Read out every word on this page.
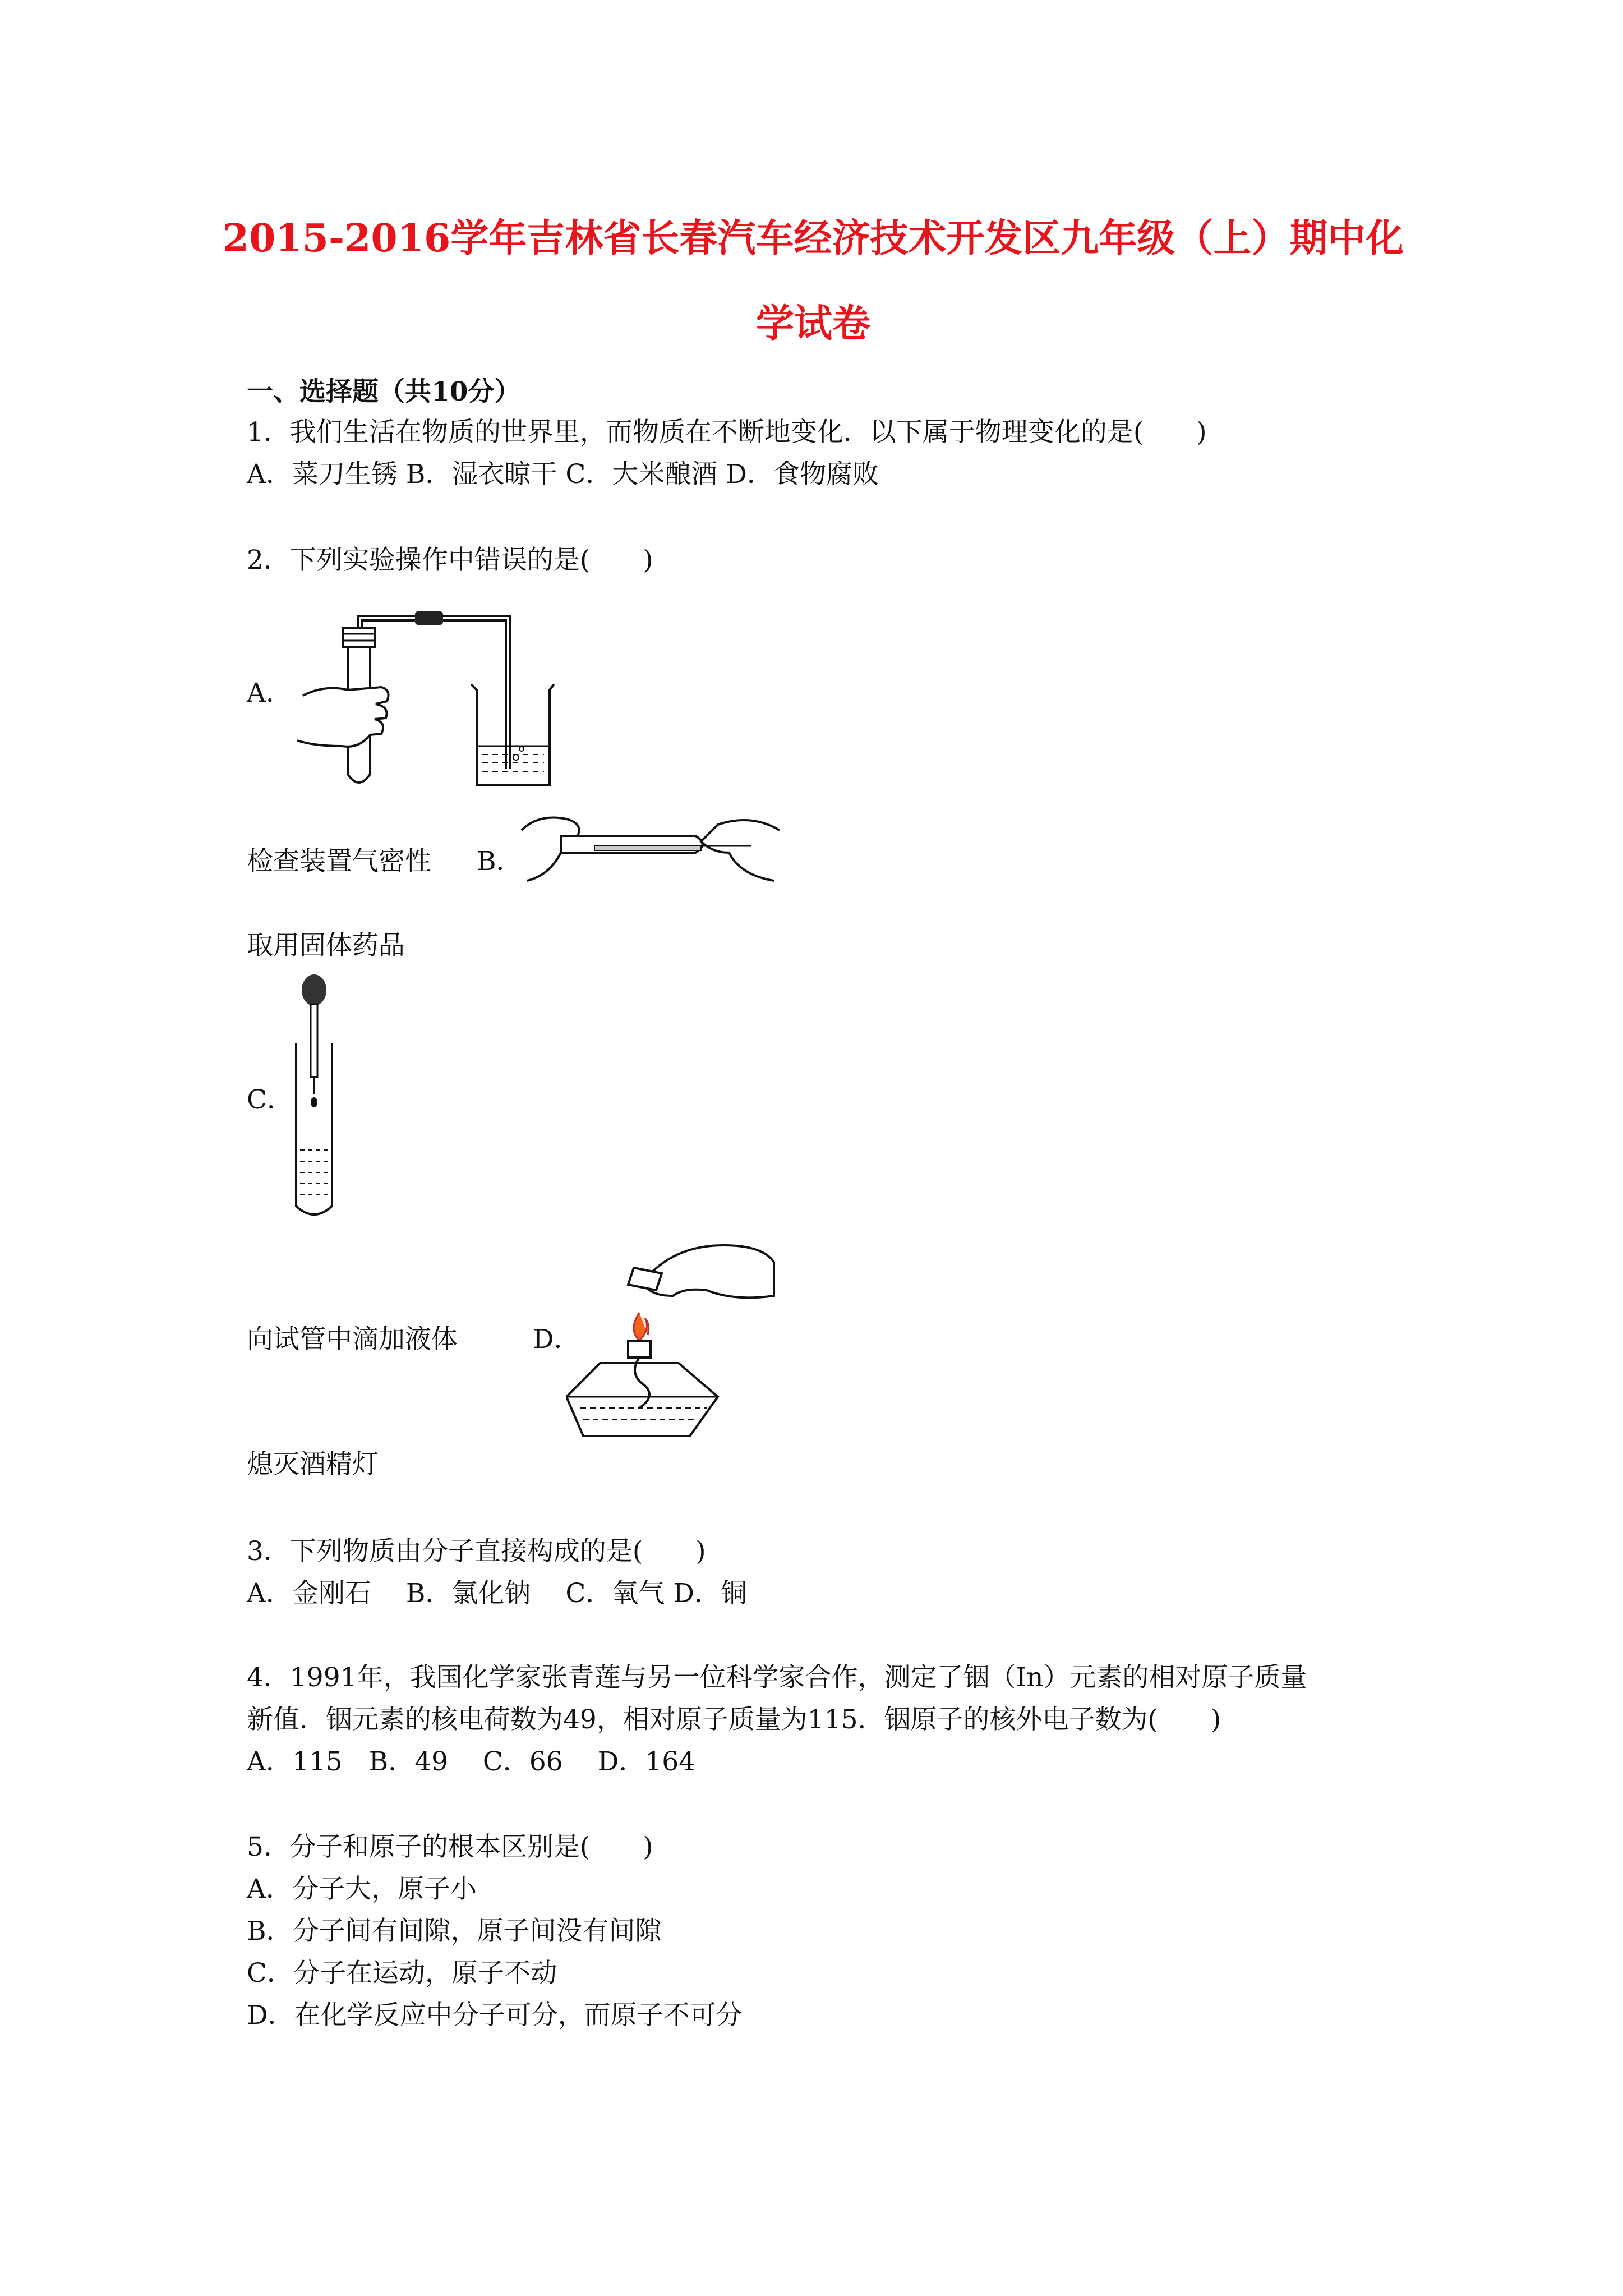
2015-2016学年吉林省长春汽车经济技术开发区九年级（上）期中化
学试卷
一、选择题（共10分）
1．我们生活在物质的世界里，而物质在不断地变化．以下属于物理变化的是(　　)
A．菜刀生锈 B．湿衣晾干 C．大米酿酒 D．食物腐败
2．下列实验操作中错误的是(　　)
A．
检查装置气密性 B．
取用固体药品
C．
向试管中滴加液体	D．
熄灭酒精灯
3．下列物质由分子直接构成的是(　　)
A．金刚石　 B．氯化钠　 C．氧气 D．铜
4．1991年，我国化学家张青莲与另一位科学家合作，测定了铟（In）元素的相对原子质量
新值．铟元素的核电荷数为49，相对原子质量为115．铟原子的核外电子数为(　　)
A．115　B．49　 C．66　 D．164
5．分子和原子的根本区别是(　　)
A．分子大，原子小
B．分子间有间隙，原子间没有间隙
C．分子在运动，原子不动
D．在化学反应中分子可分，而原子不可分
